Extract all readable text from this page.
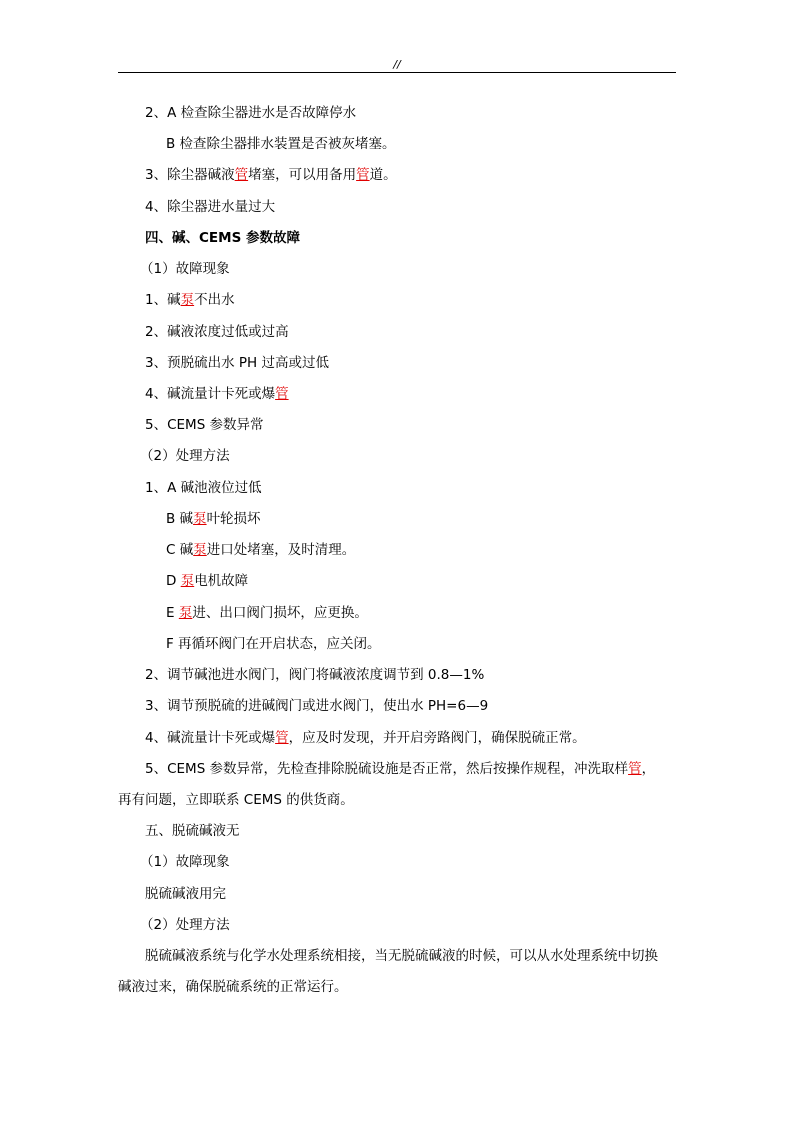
//
2、A 检查除尘器进水是否故障停水
B 检查除尘器排水装置是否被灰堵塞。
3、除尘器碱液管堵塞，可以用备用管道。
4、除尘器进水量过大
四、碱、CEMS 参数故障
（1）故障现象
1、碱泵不出水
2、碱液浓度过低或过高
3、预脱硫出水 PH 过高或过低
4、碱流量计卡死或爆管
5、CEMS 参数异常
（2）处理方法
1、A 碱池液位过低
B 碱泵叶轮损坏
C 碱泵进口处堵塞，及时清理。
D 泵电机故障
E 泵进、出口阀门损坏，应更换。
F 再循环阀门在开启状态，应关闭。
2、调节碱池进水阀门，阀门将碱液浓度调节到 0.8—1%
3、调节预脱硫的进碱阀门或进水阀门，使出水 PH=6—9
4、碱流量计卡死或爆管，应及时发现，并开启旁路阀门，确保脱硫正常。
5、CEMS 参数异常，先检查排除脱硫设施是否正常，然后按操作规程，冲洗取样管，
再有问题，立即联系 CEMS 的供货商。
五、脱硫碱液无
（1）故障现象
脱硫碱液用完
（2）处理方法
脱硫碱液系统与化学水处理系统相接，当无脱硫碱液的时候，可以从水处理系统中切换
碱液过来，确保脱硫系统的正常运行。
